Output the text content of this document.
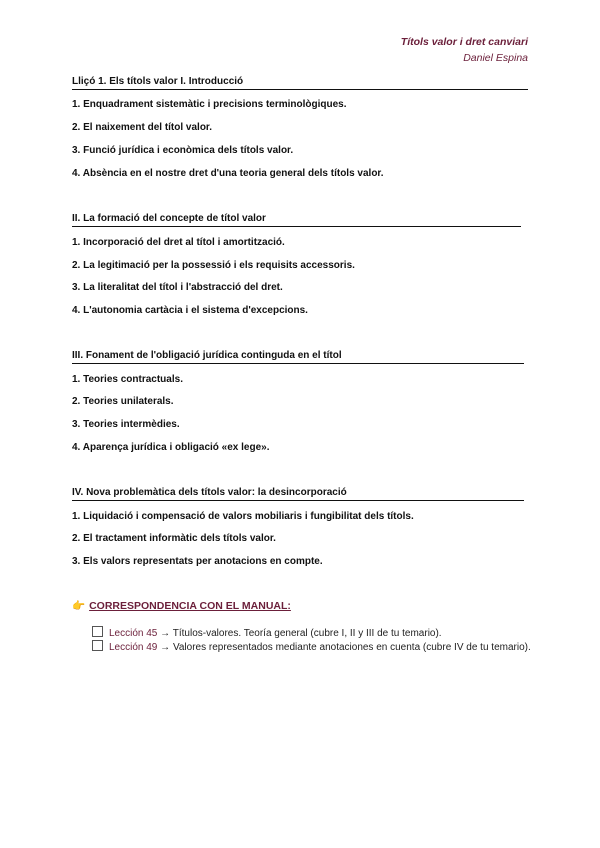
Títols valor i dret canviari
Daniel Espina
Lliçó 1. Els títols valor I. Introducció
1. Enquadrament sistemàtic i precisions terminològiques.
2. El naixement del títol valor.
3. Funció jurídica i econòmica dels títols valor.
4. Absència en el nostre dret d'una teoria general dels títols valor.
II. La formació del concepte de títol valor
1. Incorporació del dret al títol i amortització.
2. La legitimació per la possessió i els requisits accessoris.
3. La literalitat del títol i l'abstracció del dret.
4. L'autonomia cartàcia i el sistema d'excepcions.
III. Fonament de l'obligació jurídica continguda en el títol
1. Teories contractuals.
2. Teories unilaterals.
3. Teories intermèdies.
4. Aparença jurídica i obligació «ex lege».
IV. Nova problemàtica dels títols valor: la desincorporació
1. Liquidació i compensació de valors mobiliaris i fungibilitat dels títols.
2. El tractament informàtic dels títols valor.
3. Els valors representats per anotacions en compte.
👉 CORRESPONDENCIA CON EL MANUAL:
Lección 45 → Títulos-valores. Teoría general (cubre I, II y III de tu temario).
Lección 49 → Valores representados mediante anotaciones en cuenta (cubre IV de tu temario).
